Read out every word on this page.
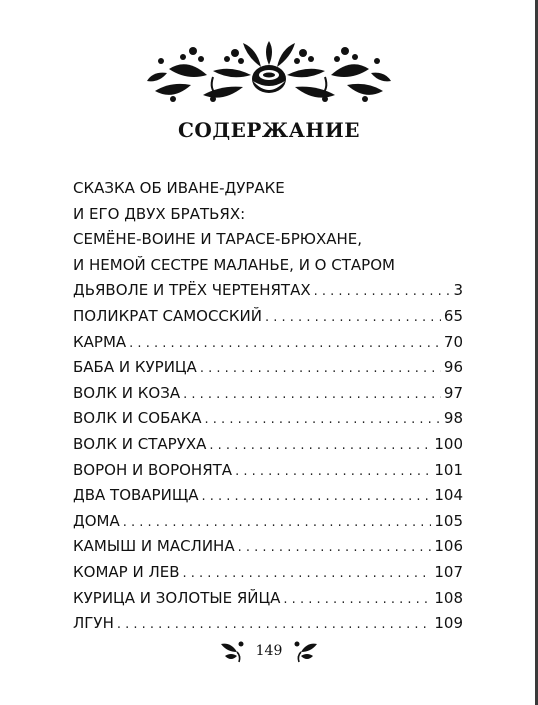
СОДЕРЖАНИЕ
СКАЗКА ОБ ИВАНЕ-ДУРАКЕ
И ЕГО ДВУХ БРАТЬЯХ:
СЕМЁНЕ-ВОИНЕ И ТАРАСЕ-БРЮХАНЕ,
И НЕМОЙ СЕСТРЕ МАЛАНЬЕ, И О СТАРОМ
ДЬЯВОЛЕ И ТРЁХ ЧЕРТЕНЯТАХ . . .	3
ПОЛИКРАТ САМОССКИЙ . . .	65
КАРМА . . .	70
БАБА И КУРИЦА . . .	96
ВОЛК И КОЗА . . .	97
ВОЛК И СОБАКА . . .	98
ВОЛК И СТАРУХА . . .	100
ВОРОН И ВОРОНЯТА . . .	101
ДВА ТОВАРИЩА . . .	104
ДОМА . . .	105
КАМЫШ И МАСЛИНА . . .	106
КОМАР И ЛЕВ . . .	107
КУРИЦА И ЗОЛОТЫЕ ЯЙЦА . . .	108
ЛГУН . . .	109
149
